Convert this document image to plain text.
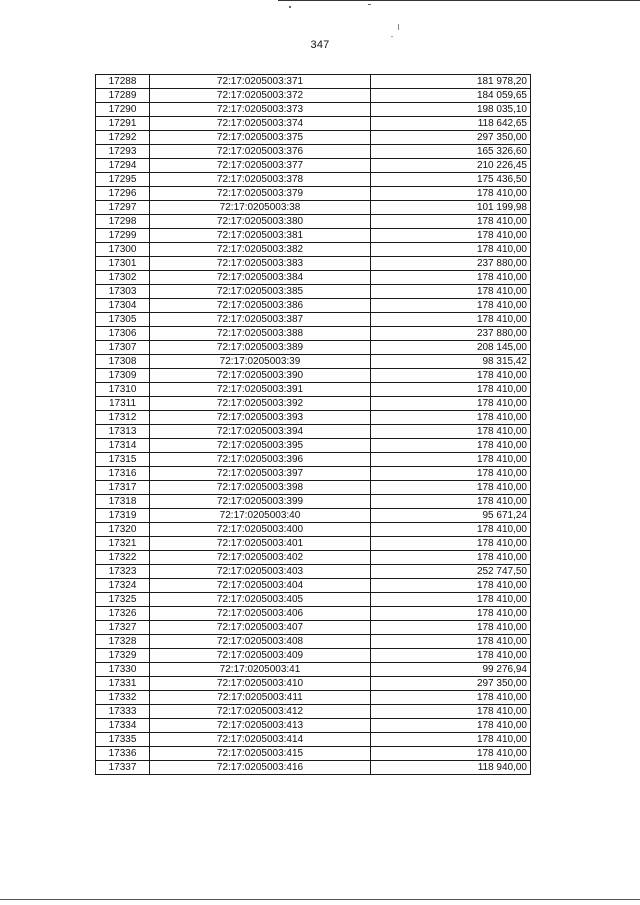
347
17288	72:17:0205003:371	181 978,20
17289	72:17:0205003:372	184 059,65
17290	72:17:0205003:373	198 035,10
17291	72:17:0205003:374	118 642,65
17292	72:17:0205003:375	297 350,00
17293	72:17:0205003:376	165 326,60
17294	72:17:0205003:377	210 226,45
17295	72:17:0205003:378	175 436,50
17296	72:17:0205003:379	178 410,00
17297	72:17:0205003:38	101 199,98
17298	72:17:0205003:380	178 410,00
17299	72:17:0205003:381	178 410,00
17300	72:17:0205003:382	178 410,00
17301	72:17:0205003:383	237 880,00
17302	72:17:0205003:384	178 410,00
17303	72:17:0205003:385	178 410,00
17304	72:17:0205003:386	178 410,00
17305	72:17:0205003:387	178 410,00
17306	72:17:0205003:388	237 880,00
17307	72:17:0205003:389	208 145,00
17308	72:17:0205003:39	98 315,42
17309	72:17:0205003:390	178 410,00
17310	72:17:0205003:391	178 410,00
17311	72:17:0205003:392	178 410,00
17312	72:17:0205003:393	178 410,00
17313	72:17:0205003:394	178 410,00
17314	72:17:0205003:395	178 410,00
17315	72:17:0205003:396	178 410,00
17316	72:17:0205003:397	178 410,00
17317	72:17:0205003:398	178 410,00
17318	72:17:0205003:399	178 410,00
17319	72:17:0205003:40	95 671,24
17320	72:17:0205003:400	178 410,00
17321	72:17:0205003:401	178 410,00
17322	72:17:0205003:402	178 410,00
17323	72:17:0205003:403	252 747,50
17324	72:17:0205003:404	178 410,00
17325	72:17:0205003:405	178 410,00
17326	72:17:0205003:406	178 410,00
17327	72:17:0205003:407	178 410,00
17328	72:17:0205003:408	178 410,00
17329	72:17:0205003:409	178 410,00
17330	72:17:0205003:41	99 276,94
17331	72:17:0205003:410	297 350,00
17332	72:17:0205003:411	178 410,00
17333	72:17:0205003:412	178 410,00
17334	72:17:0205003:413	178 410,00
17335	72:17:0205003:414	178 410,00
17336	72:17:0205003:415	178 410,00
17337	72:17:0205003:416	118 940,00
